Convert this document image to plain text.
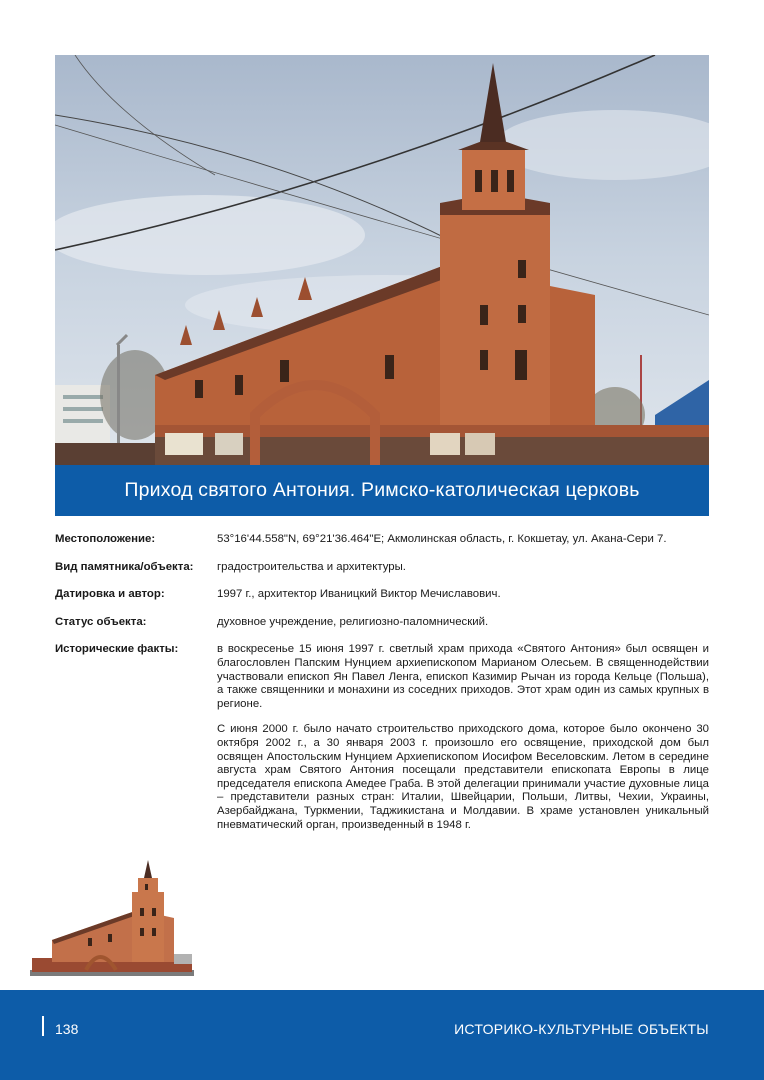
Приход святого Антония. Римско-католическая церковь
Местоположение:	53°16'44.558"N, 69°21'36.464"E; Акмолинская область, г. Кокшетау, ул. Акана-Сери 7.
Вид памятника/объекта:	градостроительства и архитектуры.
Датировка и автор:	1997 г., архитектор Иваницкий Виктор Мечиславович.
Статус объекта:	духовное учреждение, религиозно-паломнический.
Исторические факты:	в воскресенье 15 июня 1997 г. светлый храм прихода «Святого Антония» был освящен и благословлен Папским Нунцием архиепископом Марианом Олесьем. В священнодействии участвовали епископ Ян Павел Ленга, епископ Казимир Рычан из города Кельце (Польша), а также священники и монахини из соседних приходов. Этот храм один из самых крупных в регионе.

С июня 2000 г. было начато строительство приходского дома, которое было окончено 30 октября 2002 г., а 30 января 2003 г. произошло его освящение, приходской дом был освящен Апостольским Нунцием Архиепископом Иосифом Веселовским. Летом в середине августа храм Святого Антония посещали представители епископата Европы в лице председателя епископа Амедее Граба. В этой делегации принимали участие духовные лица – представители разных стран: Италии, Швейцарии, Польши, Литвы, Чехии, Украины, Азербайджана, Туркмении, Таджикистана и Молдавии. В храме установлен уникальный пневматический орган, произведенный в 1948 г.

138	ИСТОРИКО-КУЛЬТУРНЫЕ ОБЪЕКТЫ
